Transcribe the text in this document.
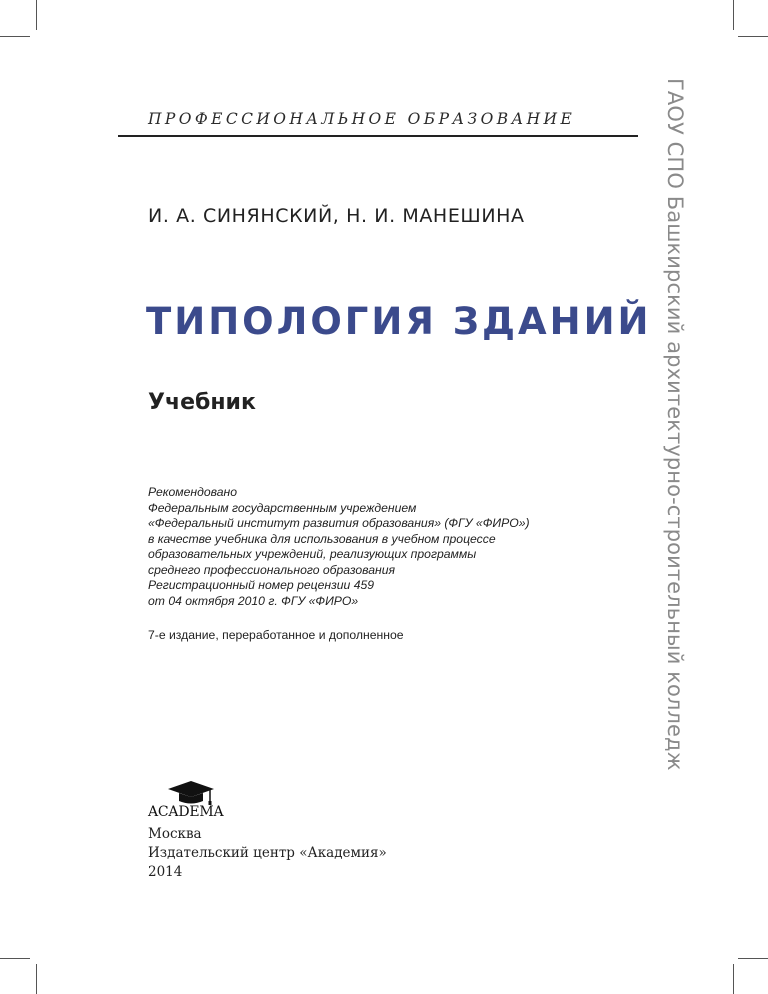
ПРОФЕССИОНАЛЬНОЕ ОБРАЗОВАНИЕ
И. А. СИНЯНСКИЙ, Н. И. МАНЕШИНА
ТИПОЛОГИЯ ЗДАНИЙ
Учебник
Рекомендовано
Федеральным государственным учреждением
«Федеральный институт развития образования» (ФГУ «ФИРО»)
в качестве учебника для использования в учебном процессе
образовательных учреждений, реализующих программы
среднего профессионального образования
Регистрационный номер рецензии 459
от 04 октября 2010 г. ФГУ «ФИРО»
7-е издание, переработанное и дополненное
ACADEMA
Москва
Издательский центр «Академия»
2014
ГАОУ СПО Башкирский архитектурно-строительный колледж
